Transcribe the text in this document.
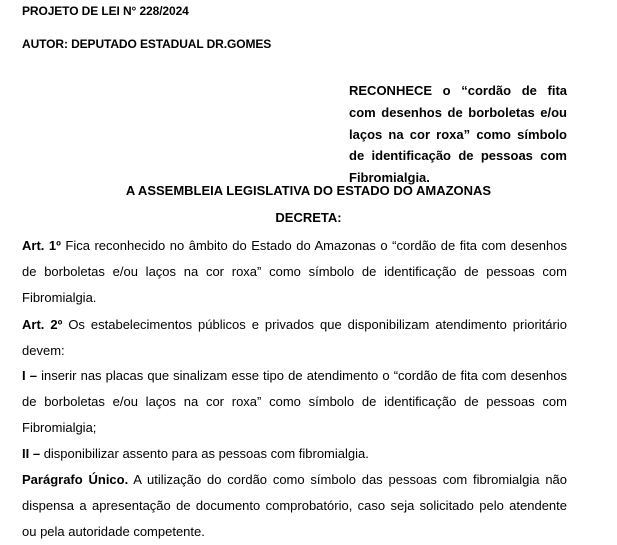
PROJETO DE LEI N° 228/2024
AUTOR: DEPUTADO ESTADUAL DR.GOMES
RECONHECE o “cordão de fita com desenhos de borboletas e/ou laços na cor roxa” como símbolo de identificação de pessoas com Fibromialgia.
A ASSEMBLEIA LEGISLATIVA DO ESTADO DO AMAZONAS
DECRETA:

Art. 1º Fica reconhecido no âmbito do Estado do Amazonas o “cordão de fita com desenhos de borboletas e/ou laços na cor roxa” como símbolo de identificação de pessoas com Fibromialgia.

Art. 2º Os estabelecimentos públicos e privados que disponibilizam atendimento prioritário devem:

I – inserir nas placas que sinalizam esse tipo de atendimento o “cordão de fita com desenhos de borboletas e/ou laços na cor roxa” como símbolo de identificação de pessoas com Fibromialgia;

II – disponibilizar assento para as pessoas com fibromialgia.

Parágrafo Único. A utilização do cordão como símbolo das pessoas com fibromialgia não dispensa a apresentação de documento comprobatório, caso seja solicitado pelo atendente ou pela autoridade competente.
